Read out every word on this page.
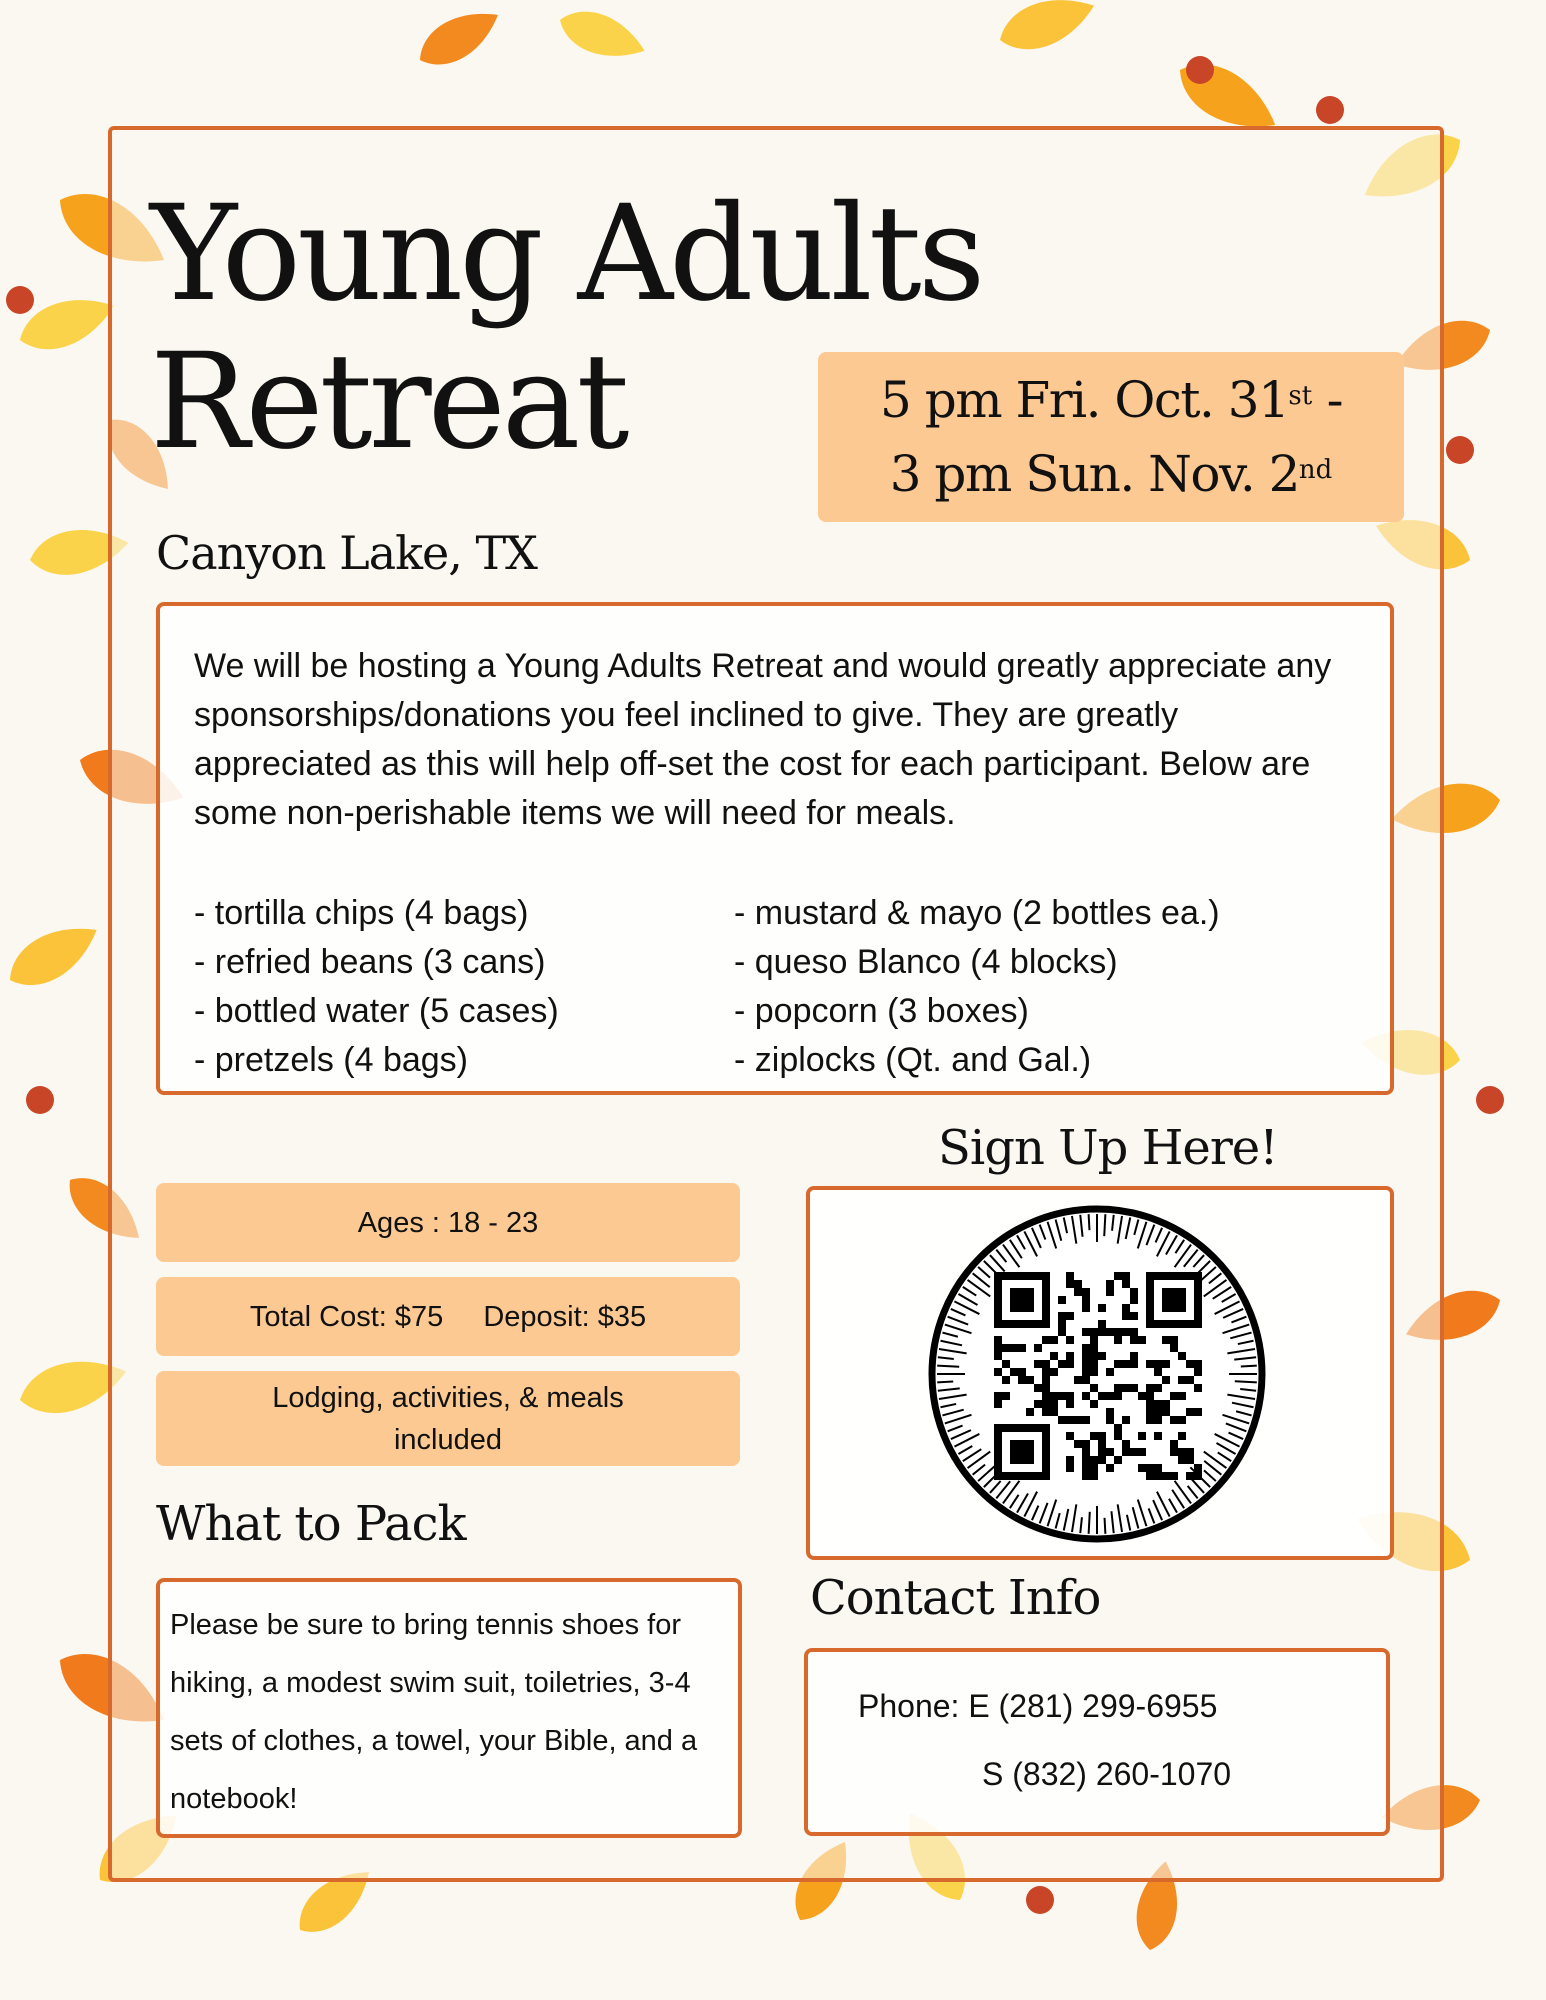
Young Adults
Retreat	5 pm Fri. Oct. 31st -
3 pm Sun. Nov. 2nd
Canyon Lake, TX
We will be hosting a Young Adults Retreat and would greatly appreciate any sponsorships/donations you feel inclined to give. They are greatly appreciated as this will help off-set the cost for each participant. Below are some non-perishable items we will need for meals.
- tortilla chips (4 bags)	- mustard & mayo (2 bottles ea.)
- refried beans (3 cans)	- queso Blanco (4 blocks)
- bottled water (5 cases)	- popcorn (3 boxes)
- pretzels (4 bags)	- ziplocks (Qt. and Gal.)
Ages : 18 - 23
Total Cost: $75 Deposit: $35
Lodging, activities, & meals included
What to Pack
Please be sure to bring tennis shoes for hiking, a modest swim suit, toiletries, 3-4 sets of clothes, a towel, your Bible, and a notebook!
Sign Up Here!
Contact Info
Phone: E (281) 299-6955
S (832) 260-1070
